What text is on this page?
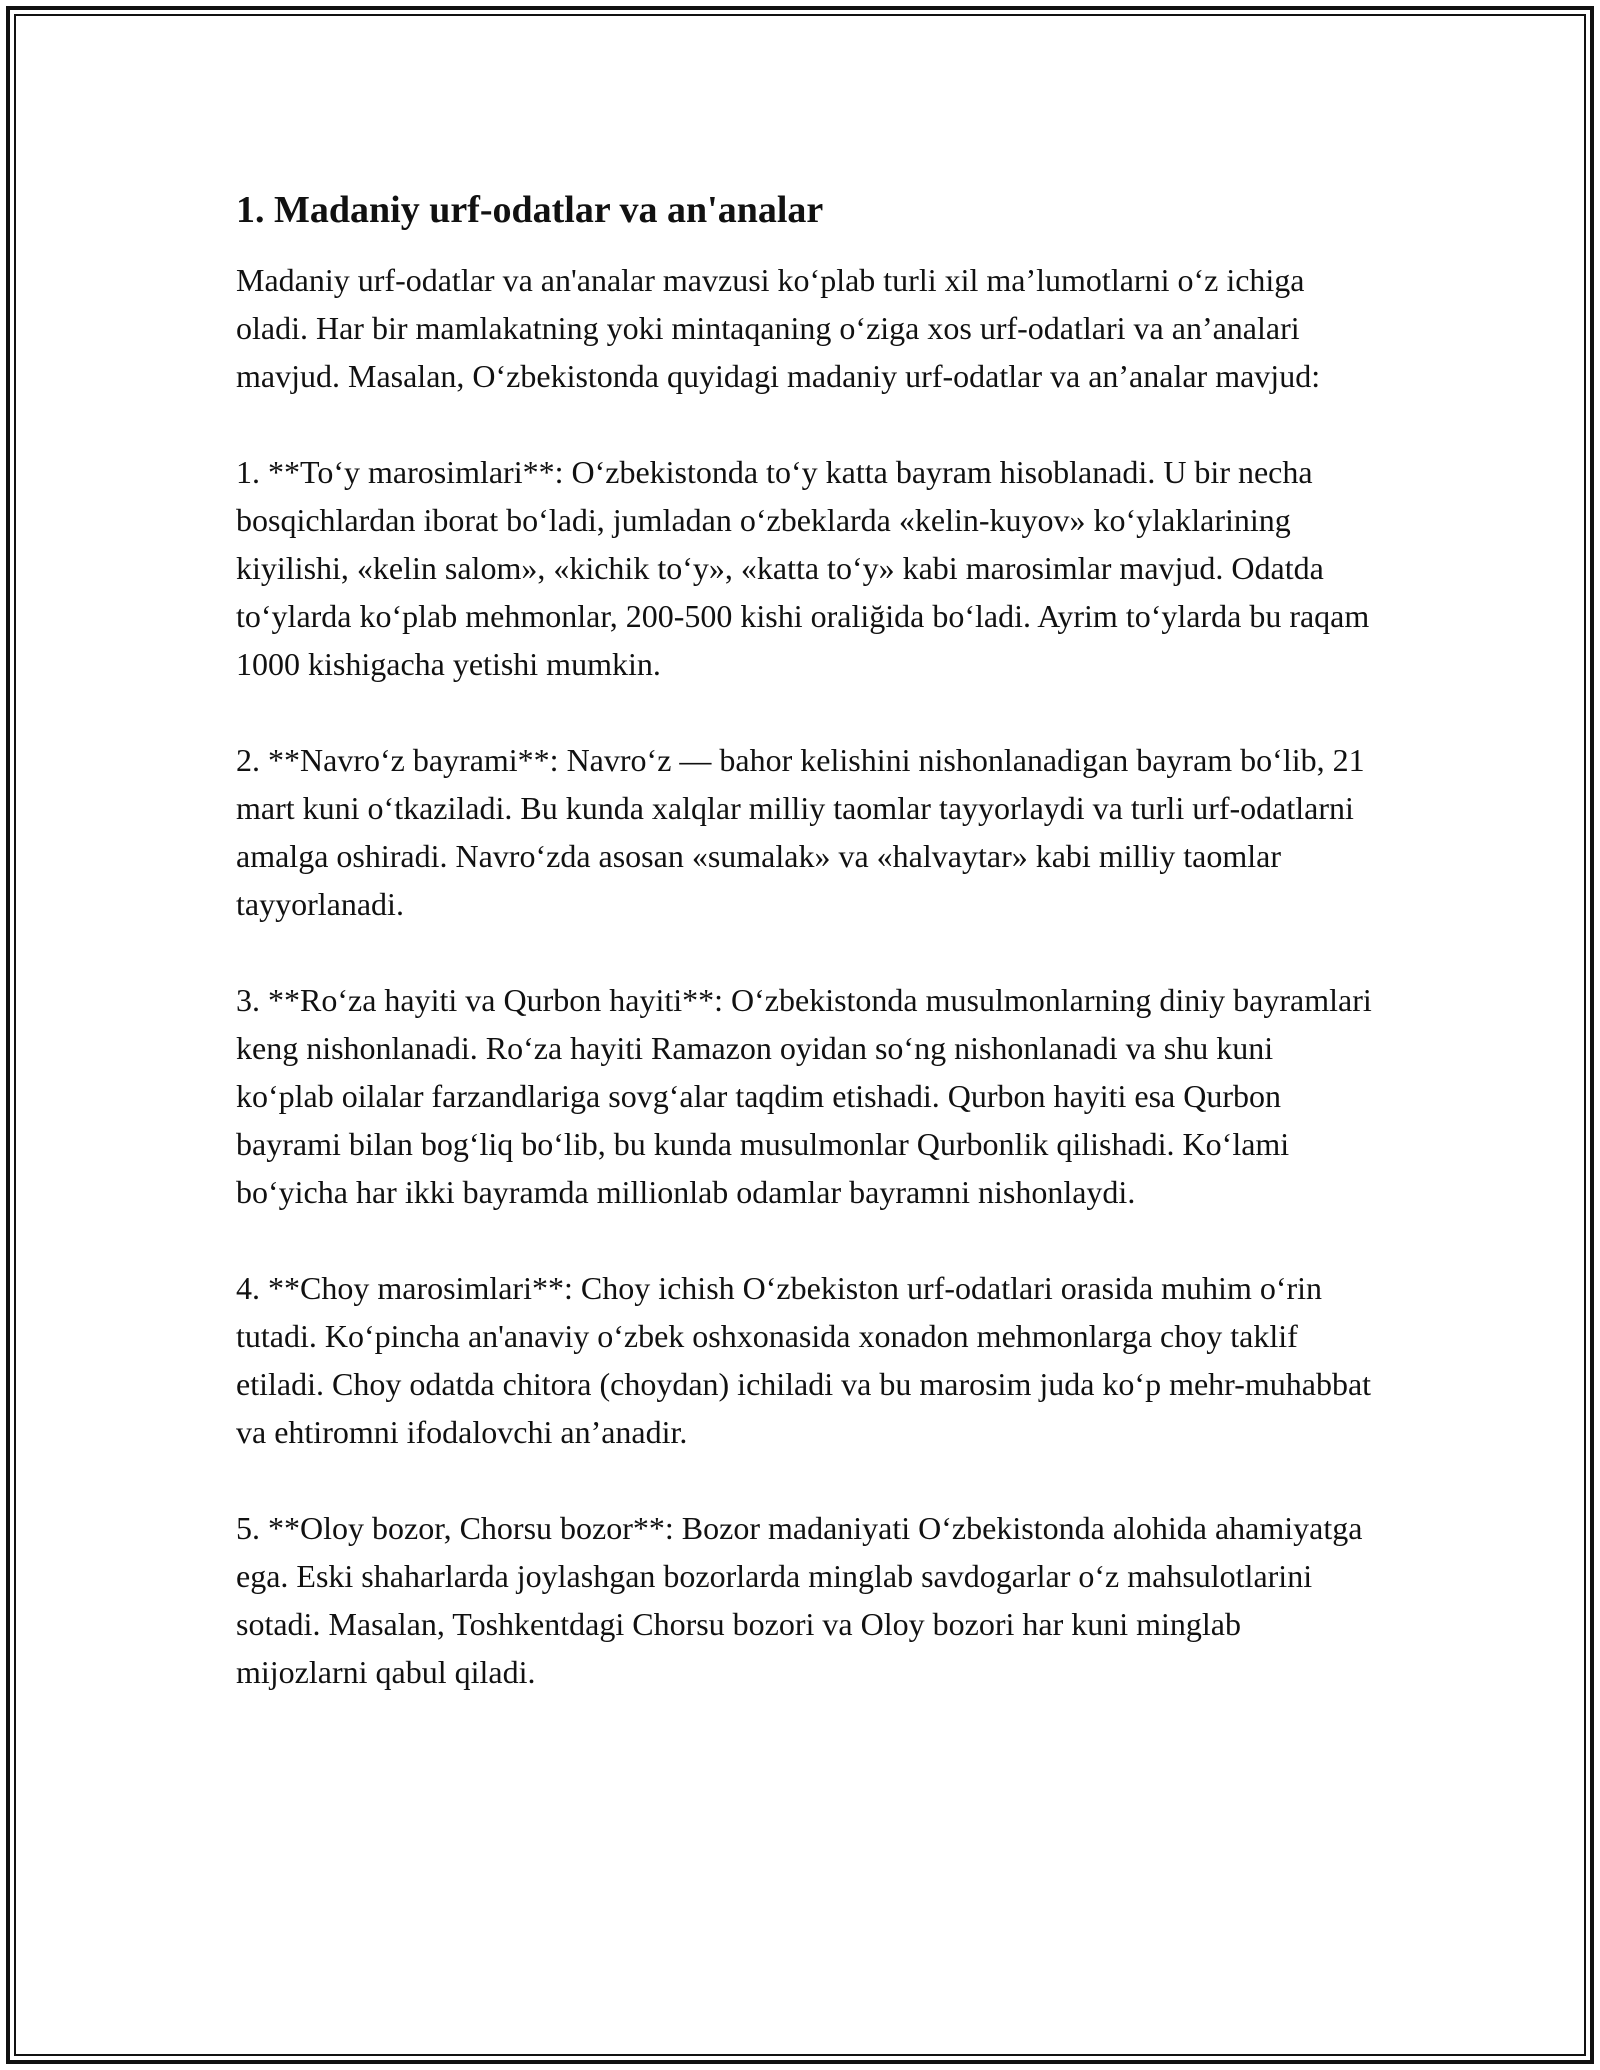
1. Madaniy urf-odatlar va an'analar

Madaniy urf-odatlar va an'analar mavzusi ko‘plab turli xil ma’lumotlarni o‘z ichiga oladi. Har bir mamlakatning yoki mintaqaning o‘ziga xos urf-odatlari va an’analari mavjud. Masalan, O‘zbekistonda quyidagi madaniy urf-odatlar va an’analar mavjud:

1. **To‘y marosimlari**: O‘zbekistonda to‘y katta bayram hisoblanadi. U bir necha bosqichlardan iborat bo‘ladi, jumladan o‘zbeklarda «kelin-kuyov» ko‘ylaklarining kiyilishi, «kelin salom», «kichik to‘y», «katta to‘y» kabi marosimlar mavjud. Odatda to‘ylarda ko‘plab mehmonlar, 200-500 kishi oraliğida bo‘ladi. Ayrim to‘ylarda bu raqam 1000 kishigacha yetishi mumkin.

2. **Navro‘z bayrami**: Navro‘z — bahor kelishini nishonlanadigan bayram bo‘lib, 21 mart kuni o‘tkaziladi. Bu kunda xalqlar milliy taomlar tayyorlaydi va turli urf-odatlarni amalga oshiradi. Navro‘zda asosan «sumalak» va «halvaytar» kabi milliy taomlar tayyorlanadi.

3. **Ro‘za hayiti va Qurbon hayiti**: O‘zbekistonda musulmonlarning diniy bayramlari keng nishonlanadi. Ro‘za hayiti Ramazon oyidan so‘ng nishonlanadi va shu kuni ko‘plab oilalar farzandlariga sovg‘alar taqdim etishadi. Qurbon hayiti esa Qurbon bayrami bilan bog‘liq bo‘lib, bu kunda musulmonlar Qurbonlik qilishadi. Ko‘lami bo‘yicha har ikki bayramda millionlab odamlar bayramni nishonlaydi.

4. **Choy marosimlari**: Choy ichish O‘zbekiston urf-odatlari orasida muhim o‘rin tutadi. Ko‘pincha an'anaviy o‘zbek oshxonasida xonadon mehmonlarga choy taklif etiladi. Choy odatda chitora (choydan) ichiladi va bu marosim juda ko‘p mehr-muhabbat va ehtiromni ifodalovchi an’anadir.

5. **Oloy bozor, Chorsu bozor**: Bozor madaniyati O‘zbekistonda alohida ahamiyatga ega. Eski shaharlarda joylashgan bozorlarda minglab savdogarlar o‘z mahsulotlarini sotadi. Masalan, Toshkentdagi Chorsu bozori va Oloy bozori har kuni minglab mijozlarni qabul qiladi.
